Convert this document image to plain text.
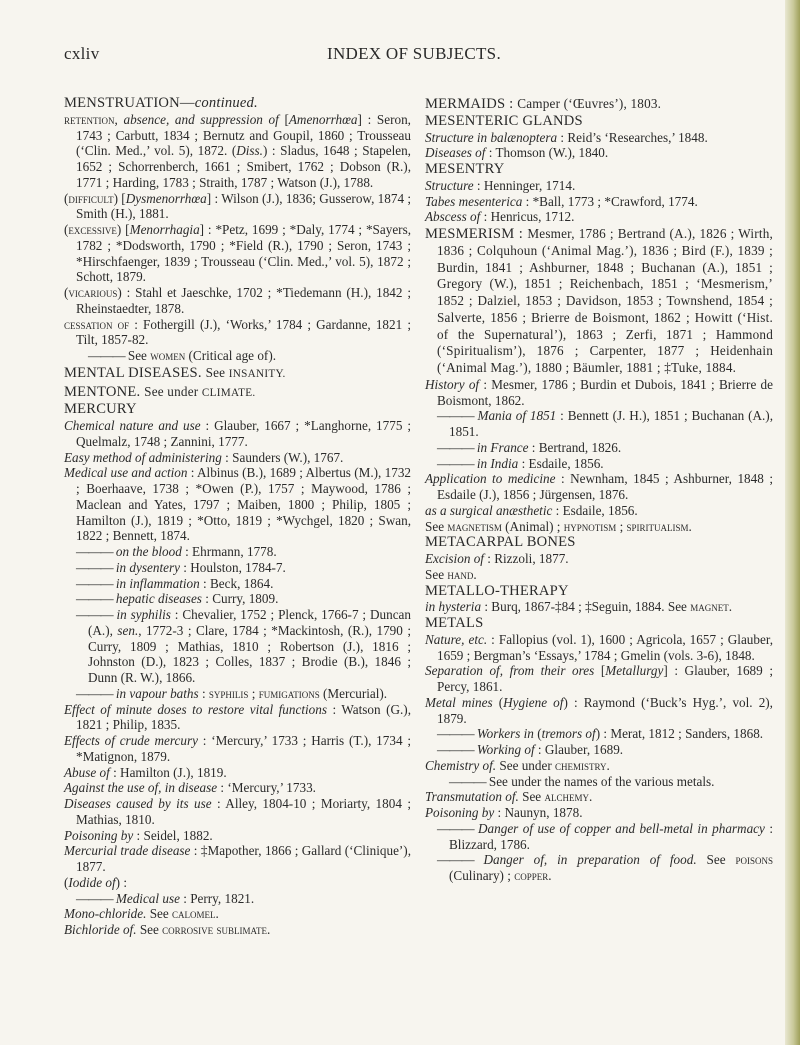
cxliv	INDEX OF SUBJECTS.

MENSTRUATION—continued.

retention, absence, and suppression of [Amenorrhœa] : Seron, 1743 ; Carbutt, 1834 ; Bernutz and Goupil, 1860 ; Trousseau (‘Clin. Med.,’ vol. 5), 1872. (Diss.) : Sladus, 1648 ; Stapelen, 1652 ; Schorrenberch, 1661 ; Smibert, 1762 ; Dobson (R.), 1771 ; Harding, 1783 ; Straith, 1787 ; Watson (J.), 1788.

(difficult) [Dysmenorrhœa] : Wilson (J.), 1836; Gusserow, 1874 ; Smith (H.), 1881.

(excessive) [Menorrhagia] : *Petz, 1699 ; *Daly, 1774 ; *Sayers, 1782 ; *Dodsworth, 1790 ; *Field (R.), 1790 ; Seron, 1743 ; *Hirschfaenger, 1839 ; Trousseau (‘Clin. Med.,’ vol. 5), 1872 ; Schott, 1879.

(vicarious) : Stahl et Jaeschke, 1702 ; *Tiedemann (H.), 1842 ; Rheinstaedter, 1878.

cessation of : Fothergill (J.), ‘Works,’ 1784 ; Gardanne, 1821 ; Tilt, 1857-82.

——— See women (Critical age of).

MENTAL DISEASES. See INSANITY.

MENTONE. See under CLIMATE.

MERCURY

Chemical nature and use : Glauber, 1667 ; *Langhorne, 1775 ; Quelmalz, 1748 ; Zannini, 1777.

Easy method of administering : Saunders (W.), 1767.

Medical use and action : Albinus (B.), 1689 ; Albertus (M.), 1732 ; Boerhaave, 1738 ; *Owen (P.), 1757 ; Maywood, 1786 ; Maclean and Yates, 1797 ; Maiben, 1800 ; Philip, 1805 ; Hamilton (J.), 1819 ; *Otto, 1819 ; *Wychgel, 1820 ; Swan, 1822 ; Bennett, 1874.

——— on the blood : Ehrmann, 1778.

——— in dysentery : Houlston, 1784-7.

——— in inflammation : Beck, 1864.

——— hepatic diseases : Curry, 1809.

——— in syphilis : Chevalier, 1752 ; Plenck, 1766-7 ; Duncan (A.), sen., 1772-3 ; Clare, 1784 ; *Mackintosh, (R.), 1790 ; Curry, 1809 ; Mathias, 1810 ; Robertson (J.), 1816 ; Johnston (D.), 1823 ; Colles, 1837 ; Brodie (B.), 1846 ; Dunn (R. W.), 1866.

——— in vapour baths : syphilis ; fumigations (Mercurial).

Effect of minute doses to restore vital functions : Watson (G.), 1821 ; Philip, 1835.

Effects of crude mercury : ‘Mercury,’ 1733 ; Harris (T.), 1734 ; *Matignon, 1879.

Abuse of : Hamilton (J.), 1819.

Against the use of, in disease : ‘Mercury,’ 1733.

Diseases caused by its use : Alley, 1804-10 ; Moriarty, 1804 ; Mathias, 1810.

Poisoning by : Seidel, 1882.

Mercurial trade disease : ‡Mapother, 1866 ; Gallard (‘Clinique’), 1877.

(Iodide of) :

——— Medical use : Perry, 1821.

Mono-chloride. See calomel.

Bichloride of. See corrosive sublimate.

MERMAIDS : Camper (‘Œuvres’), 1803.

MESENTERIC GLANDS

Structure in balænoptera : Reid’s ‘Researches,’ 1848.

Diseases of : Thomson (W.), 1840.

MESENTRY

Structure : Henninger, 1714.

Tabes mesenterica : *Ball, 1773 ; *Crawford, 1774.

Abscess of : Henricus, 1712.

MESMERISM : Mesmer, 1786 ; Bertrand (A.), 1826 ; Wirth, 1836 ; Colquhoun (‘Animal Mag.’), 1836 ; Bird (F.), 1839 ; Burdin, 1841 ; Ashburner, 1848 ; Buchanan (A.), 1851 ; Gregory (W.), 1851 ; Reichenbach, 1851 ; ‘Mesmerism,’ 1852 ; Dalziel, 1853 ; Davidson, 1853 ; Townshend, 1854 ; Salverte, 1856 ; Brierre de Boismont, 1862 ; Howitt (‘Hist. of the Supernatural’), 1863 ; Zerfi, 1871 ; Hammond (‘Spiritualism’), 1876 ; Carpenter, 1877 ; Heidenhain (‘Animal Mag.’), 1880 ; Bäumler, 1881 ; ‡Tuke, 1884.

History of : Mesmer, 1786 ; Burdin et Dubois, 1841 ; Brierre de Boismont, 1862.

——— Mania of 1851 : Bennett (J. H.), 1851 ; Buchanan (A.), 1851.

——— in France : Bertrand, 1826.

——— in India : Esdaile, 1856.

Application to medicine : Newnham, 1845 ; Ashburner, 1848 ; Esdaile (J.), 1856 ; Jürgensen, 1876.

as a surgical anæsthetic : Esdaile, 1856.

See magnetism (Animal) ; hypnotism ; spiritualism.

METACARPAL BONES

Excision of : Rizzoli, 1877.

See hand.

METALLO-THERAPY

in hysteria : Burq, 1867-‡84 ; ‡Seguin, 1884. See magnet.

METALS

Nature, etc. : Fallopius (vol. 1), 1600 ; Agricola, 1657 ; Glauber, 1659 ; Bergman’s ‘Essays,’ 1784 ; Gmelin (vols. 3-6), 1848.

Separation of, from their ores [Metallurgy] : Glauber, 1689 ; Percy, 1861.

Metal mines (Hygiene of) : Raymond (‘Buck’s Hyg.’, vol. 2), 1879.

——— Workers in (tremors of) : Merat, 1812 ; Sanders, 1868.

——— Working of : Glauber, 1689.

Chemistry of. See under chemistry.

——— See under the names of the various metals.

Transmutation of. See alchemy.

Poisoning by : Naunyn, 1878.

——— Danger of use of copper and bell-metal in pharmacy : Blizzard, 1786.

——— Danger of, in preparation of food. See poisons (Culinary) ; copper.
